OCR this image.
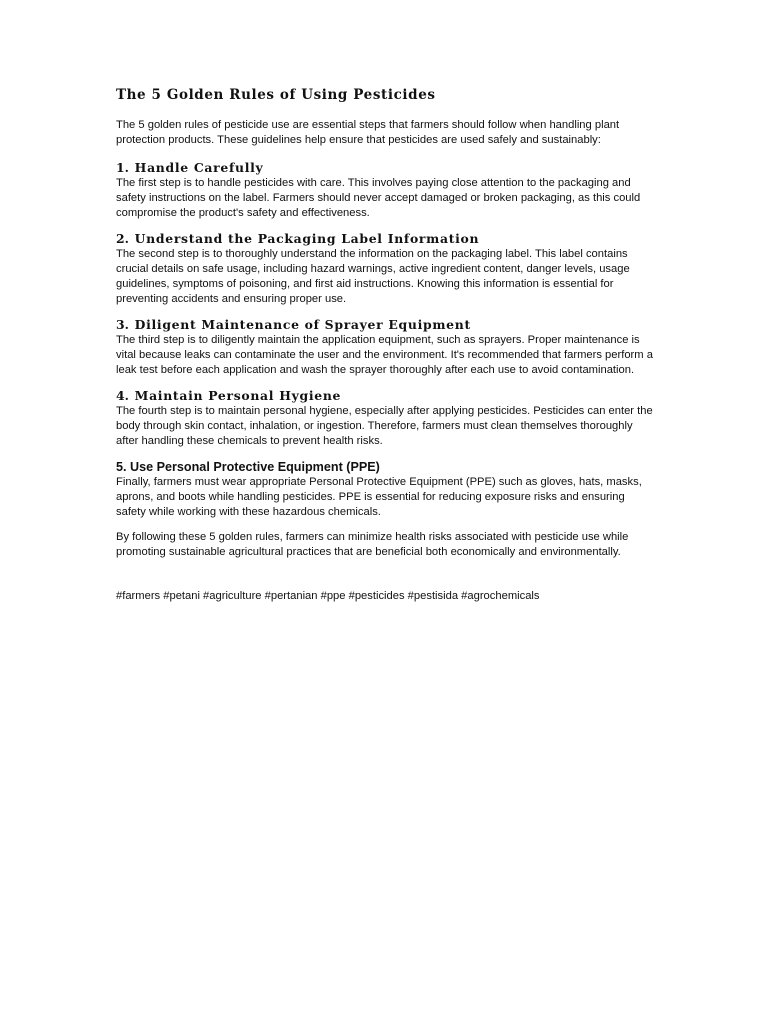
The 5 Golden Rules of Using Pesticides

The 5 golden rules of pesticide use are essential steps that farmers should follow when handling plant protection products. These guidelines help ensure that pesticides are used safely and sustainably:

1. Handle Carefully

The first step is to handle pesticides with care. This involves paying close attention to the packaging and safety instructions on the label. Farmers should never accept damaged or broken packaging, as this could compromise the product's safety and effectiveness.

2. Understand the Packaging Label Information

The second step is to thoroughly understand the information on the packaging label. This label contains crucial details on safe usage, including hazard warnings, active ingredient content, danger levels, usage guidelines, symptoms of poisoning, and first aid instructions. Knowing this information is essential for preventing accidents and ensuring proper use.

3. Diligent Maintenance of Sprayer Equipment

The third step is to diligently maintain the application equipment, such as sprayers. Proper maintenance is vital because leaks can contaminate the user and the environment. It's recommended that farmers perform a leak test before each application and wash the sprayer thoroughly after each use to avoid contamination.

4. Maintain Personal Hygiene

The fourth step is to maintain personal hygiene, especially after applying pesticides. Pesticides can enter the body through skin contact, inhalation, or ingestion. Therefore, farmers must clean themselves thoroughly after handling these chemicals to prevent health risks.

5. Use Personal Protective Equipment (PPE)

Finally, farmers must wear appropriate Personal Protective Equipment (PPE) such as gloves, hats, masks, aprons, and boots while handling pesticides. PPE is essential for reducing exposure risks and ensuring safety while working with these hazardous chemicals.

By following these 5 golden rules, farmers can minimize health risks associated with pesticide use while promoting sustainable agricultural practices that are beneficial both economically and environmentally.

#farmers #petani #agriculture #pertanian #ppe #pesticides #pestisida #agrochemicals
